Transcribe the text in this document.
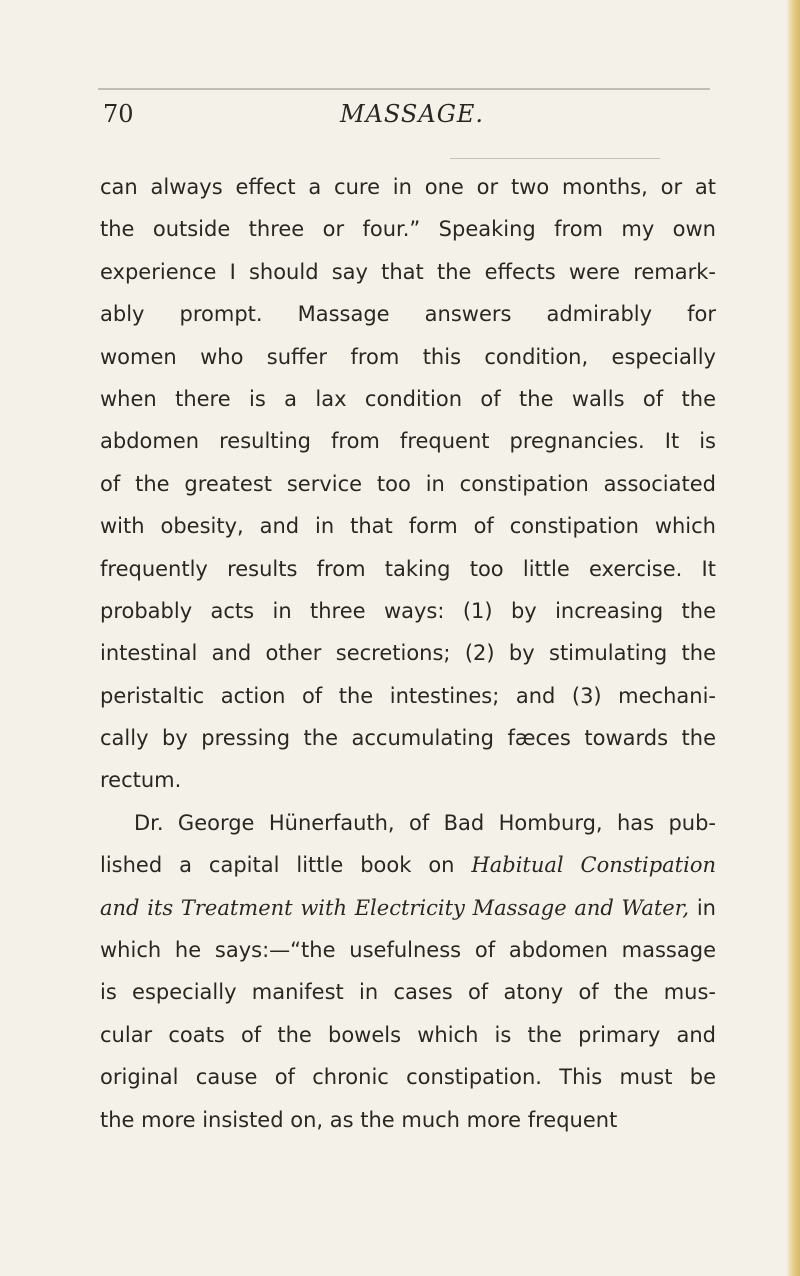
70	MASSAGE.
can always effect a cure in one or two months, or at
the outside three or four.” Speaking from my own
experience I should say that the effects were remark-
ably prompt. Massage answers admirably for
women who suffer from this condition, especially
when there is a lax condition of the walls of the
abdomen resulting from frequent pregnancies. It is
of the greatest service too in constipation associated
with obesity, and in that form of constipation which
frequently results from taking too little exercise. It
probably acts in three ways: (1) by increasing the
intestinal and other secretions; (2) by stimulating the
peristaltic action of the intestines; and (3) mechani-
cally by pressing the accumulating fæces towards the
rectum.
Dr. George Hünerfauth, of Bad Homburg, has pub-
lished a capital little book on Habitual Constipation
and its Treatment with Electricity Massage and Water, in
which he says:—“the usefulness of abdomen massage
is especially manifest in cases of atony of the mus-
cular coats of the bowels which is the primary and
original cause of chronic constipation. This must be
the more insisted on, as the much more frequent
